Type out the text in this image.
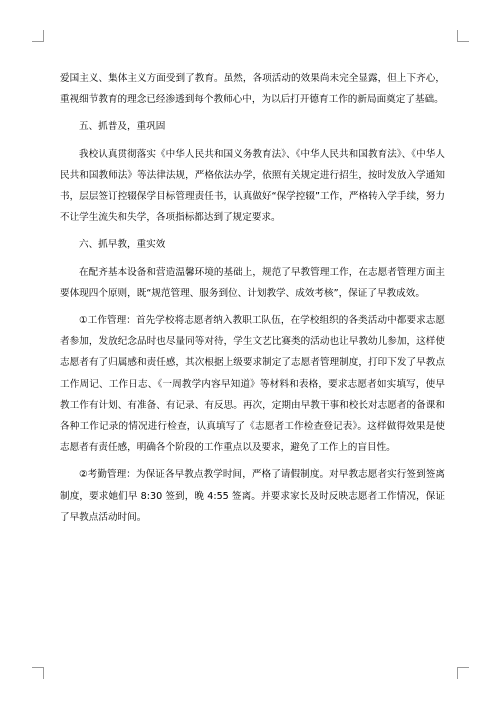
爱国主义、集体主义方面受到了教育。虽然，各项活动的效果尚未完全显露，但上下齐心，重视细节教育的理念已经渗透到每个教师心中，为以后打开德育工作的新局面奠定了基础。

五、抓普及，重巩固

我校认真贯彻落实《中华人民共和国义务教育法》、《中华人民共和国教育法》、《中华人民共和国教师法》等法律法规，严格依法办学，依照有关规定进行招生，按时发放入学通知书，层层签订控辍保学目标管理责任书，认真做好“保学控辍”工作，严格转入学手续，努力不让学生流失和失学，各项指标都达到了规定要求。

六、抓早教，重实效

在配齐基本设备和营造温馨环境的基础上，规范了早教管理工作，在志愿者管理方面主要体现四个原则，既“规范管理、服务到位、计划教学、成效考核”，保证了早教成效。

①工作管理：首先学校将志愿者纳入教职工队伍，在学校组织的各类活动中都要求志愿者参加，发放纪念品时也尽量同等对待，学生文艺比赛类的活动也让早教幼儿参加，这样使志愿者有了归属感和责任感，其次根据上级要求制定了志愿者管理制度，打印下发了早教点工作周记、工作日志、《一周教学内容早知道》等材料和表格，要求志愿者如实填写，使早教工作有计划、有准备、有记录、有反思。再次，定期由早教干事和校长对志愿者的备课和各种工作记录的情况进行检查，认真填写了《志愿者工作检查登记表》。这样做得效果是使志愿者有责任感，明确各个阶段的工作重点以及要求，避免了工作上的盲目性。

②考勤管理：为保证各早教点教学时间，严格了请假制度。对早教志愿者实行签到签离制度，要求她们早 8:30 签到，晚 4:55 签离。并要求家长及时反映志愿者工作情况，保证了早教点活动时间。
